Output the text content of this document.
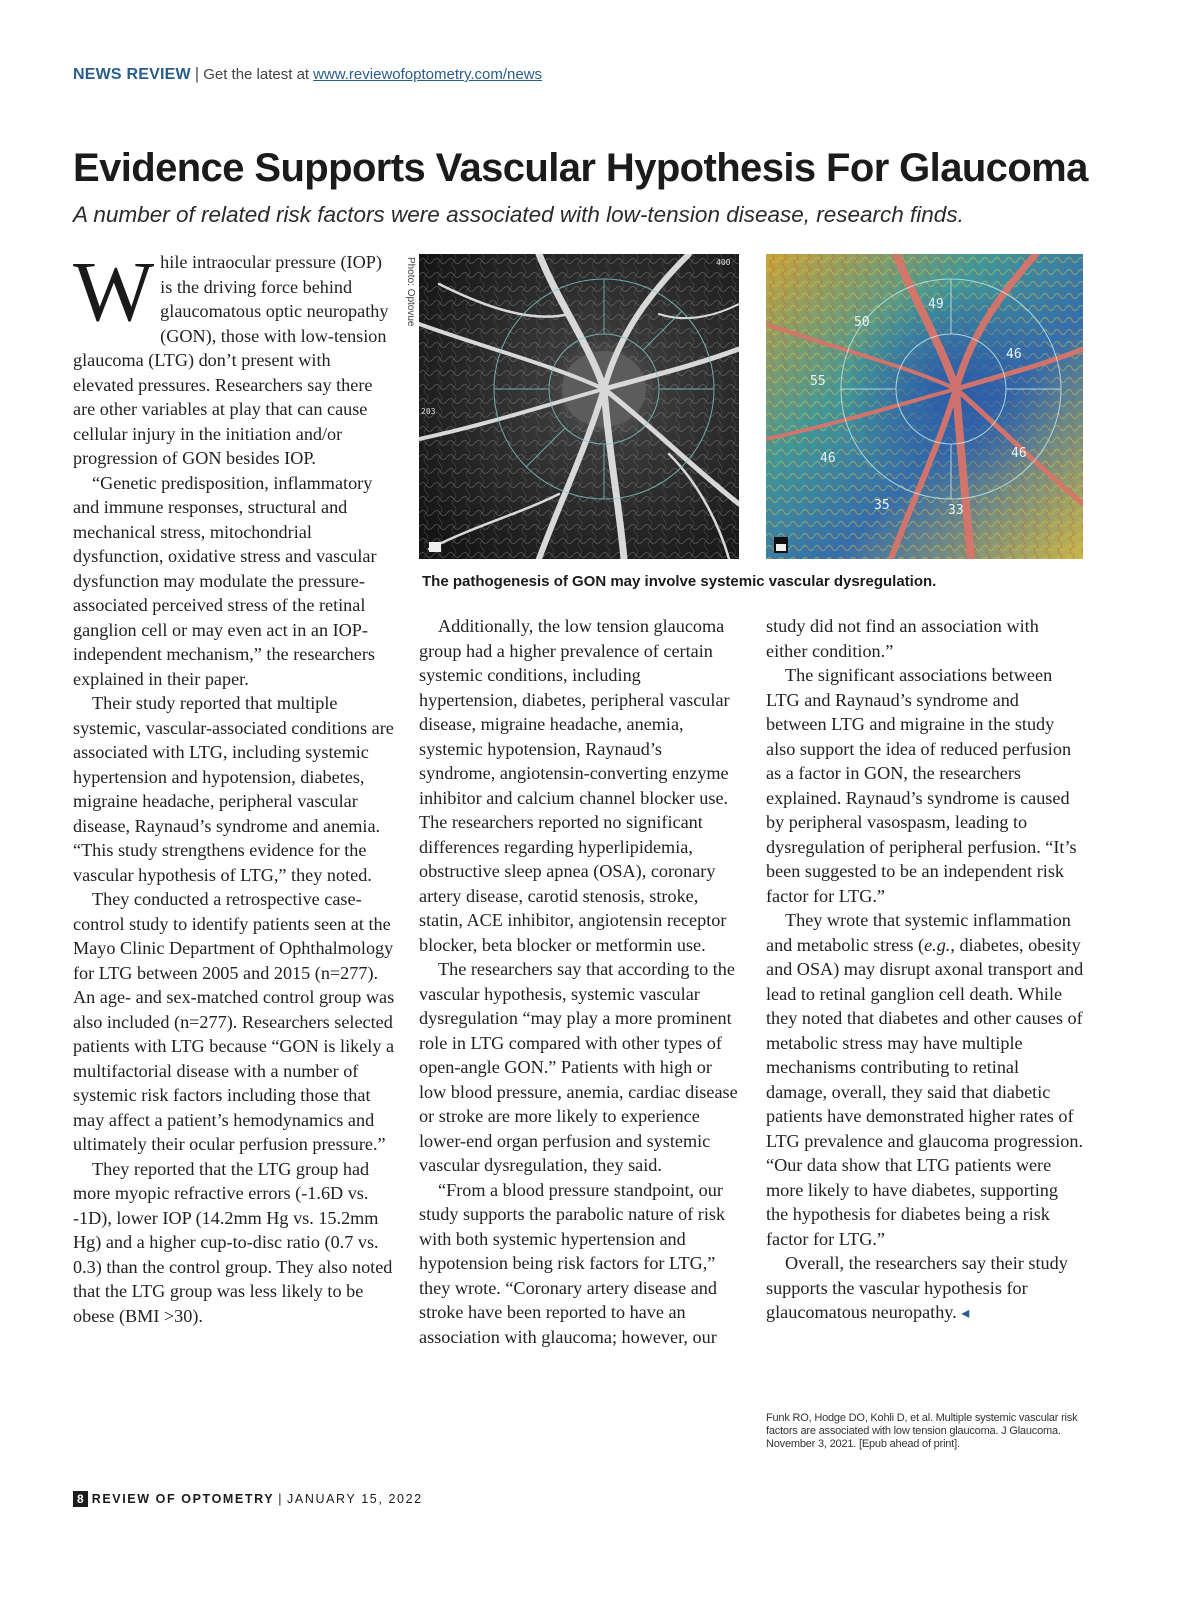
NEWS REVIEW | Get the latest at www.reviewofoptometry.com/news
Evidence Supports Vascular Hypothesis For Glaucoma

A number of related risk factors were associated with low-tension disease, research finds.

While intraocular pressure (IOP) is the driving force behind glaucomatous optic neuropathy (GON), those with low-tension glaucoma (LTG) don’t present with elevated pressures. Researchers say there are other variables at play that can cause cellular injury in the initiation and/or progression of GON besides IOP.

“Genetic predisposition, inflammatory and immune responses, structural and mechanical stress, mitochondrial dysfunction, oxidative stress and vascular dysfunction may modulate the pressure-associated perceived stress of the retinal ganglion cell or may even act in an IOP-independent mechanism,” the researchers explained in their paper.

Their study reported that multiple systemic, vascular-associated conditions are associated with LTG, including systemic hypertension and hypotension, diabetes, migraine headache, peripheral vascular disease, Raynaud’s syndrome and anemia. “This study strengthens evidence for the vascular hypothesis of LTG,” they noted.

They conducted a retrospective case-control study to identify patients seen at the Mayo Clinic Department of Ophthalmology for LTG between 2005 and 2015 (n=277). An age- and sex-matched control group was also included (n=277). Researchers selected patients with LTG because “GON is likely a multifactorial disease with a number of systemic risk factors including those that may affect a patient’s hemodynamics and ultimately their ocular perfusion pressure.”

They reported that the LTG group had more myopic refractive errors (-1.6D vs. -1D), lower IOP (14.2mm Hg vs. 15.2mm Hg) and a higher cup-to-disc ratio (0.7 vs. 0.3) than the control group. They also noted that the LTG group was less likely to be obese (BMI >30).

Photo: Optovue	400
203
49
50
46
55
46	46
35	33
The pathogenesis of GON may involve systemic vascular dysregulation.

Additionally, the low tension glaucoma group had a higher prevalence of certain systemic conditions, including hypertension, diabetes, peripheral vascular disease, migraine headache, anemia, systemic hypotension, Raynaud’s syndrome, angiotensin-converting enzyme inhibitor and calcium channel blocker use. The researchers reported no significant differences regarding hyperlipidemia, obstructive sleep apnea (OSA), coronary artery disease, carotid stenosis, stroke, statin, ACE inhibitor, angiotensin receptor blocker, beta blocker or metformin use.

The researchers say that according to the vascular hypothesis, systemic vascular dysregulation “may play a more prominent role in LTG compared with other types of open-angle GON.” Patients with high or low blood pressure, anemia, cardiac disease or stroke are more likely to experience lower-end organ perfusion and systemic vascular dysregulation, they said.

“From a blood pressure standpoint, our study supports the parabolic nature of risk with both systemic hypertension and hypotension being risk factors for LTG,” they wrote. “Coronary artery disease and stroke have been reported to have an association with glaucoma; however, our

study did not find an association with either condition.”

The significant associations between LTG and Raynaud’s syndrome and between LTG and migraine in the study also support the idea of reduced perfusion as a factor in GON, the researchers explained. Raynaud’s syndrome is caused by peripheral vasospasm, leading to dysregulation of peripheral perfusion. “It’s been suggested to be an independent risk factor for LTG.”

They wrote that systemic inflammation and metabolic stress (e.g., diabetes, obesity and OSA) may disrupt axonal transport and lead to retinal ganglion cell death. While they noted that diabetes and other causes of metabolic stress may have multiple mechanisms contributing to retinal damage, overall, they said that diabetic patients have demonstrated higher rates of LTG prevalence and glaucoma progression. “Our data show that LTG patients were more likely to have diabetes, supporting the hypothesis for diabetes being a risk factor for LTG.”

Overall, the researchers say their study supports the vascular hypothesis for glaucomatous neuropathy. ◂

Funk RO, Hodge DO, Kohli D, et al. Multiple systemic vascular risk factors are associated with low tension glaucoma. J Glaucoma. November 3, 2021. [Epub ahead of print].
8 REVIEW OF OPTOMETRY | JANUARY 15, 2022
